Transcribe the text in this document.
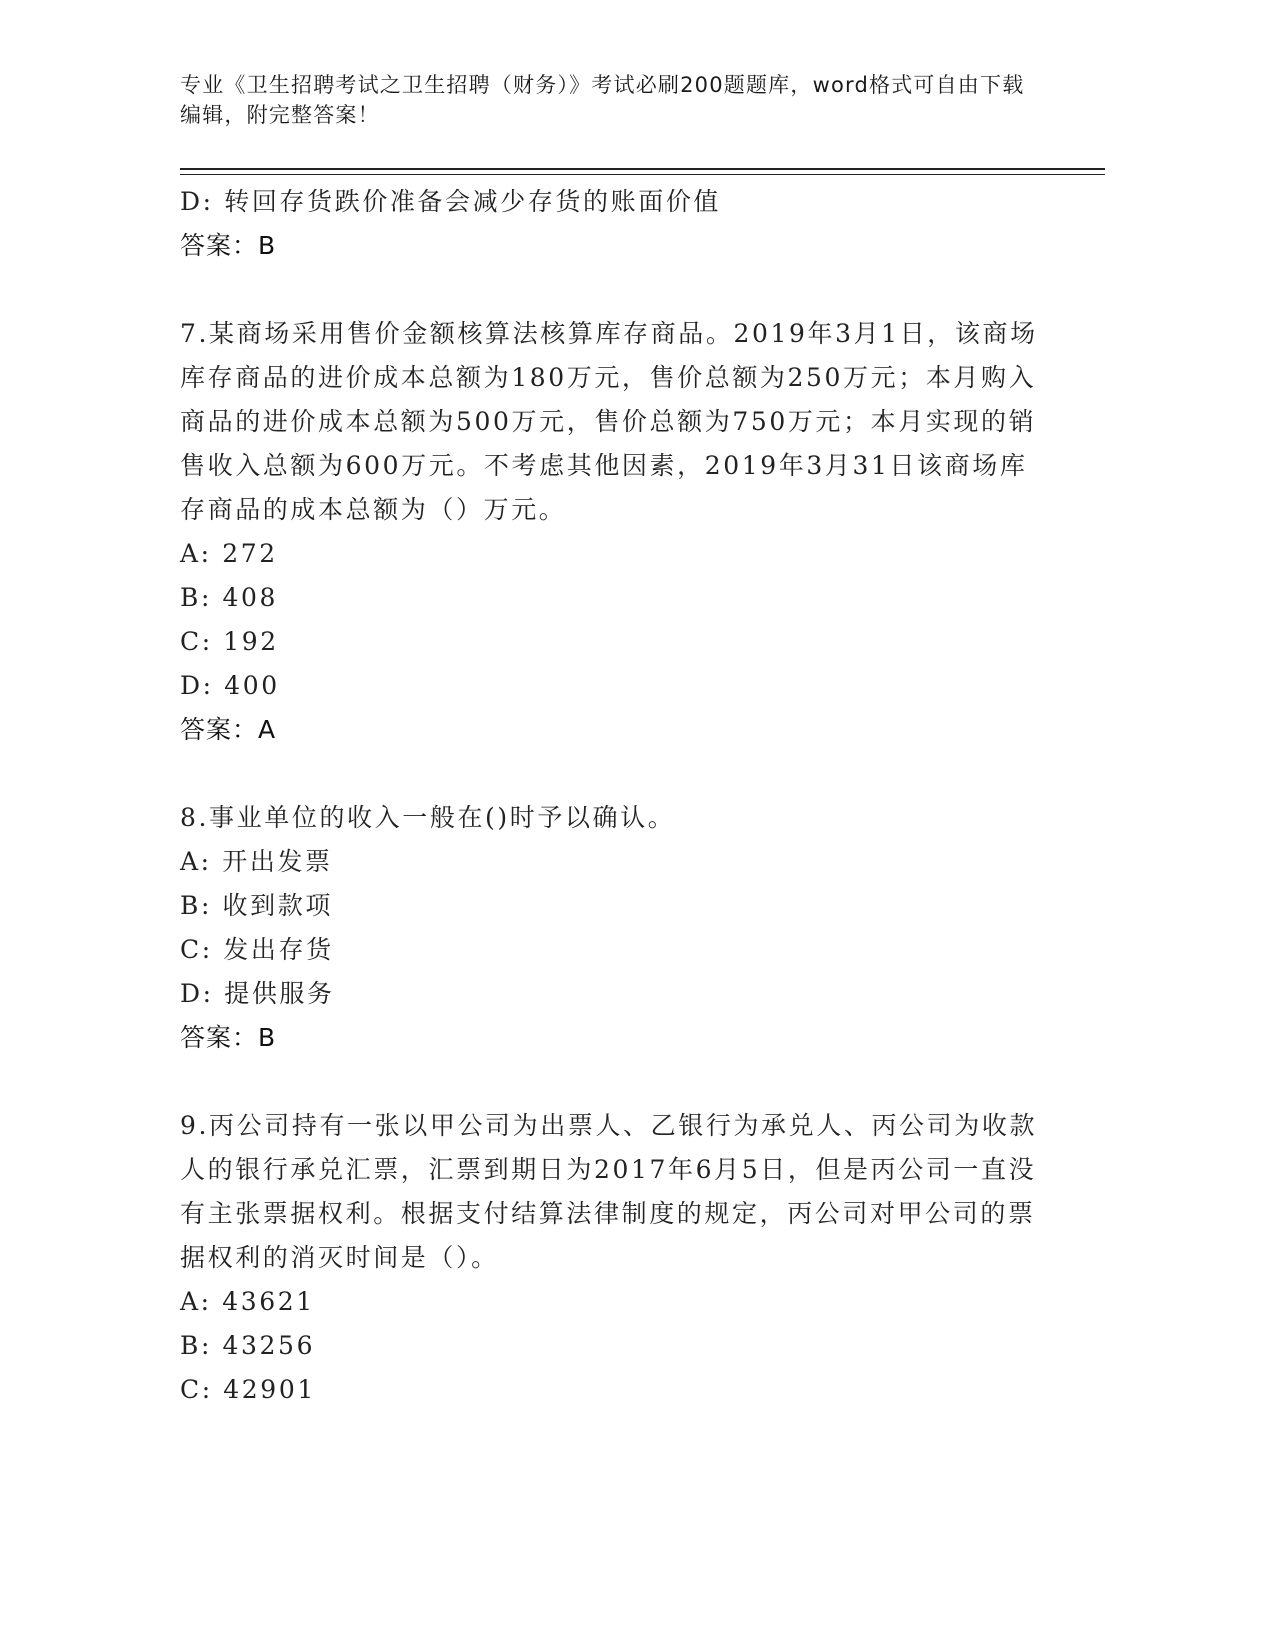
专业《卫生招聘考试之卫生招聘（财务）》考试必刷200题题库，word格式可自由下载编辑，附完整答案！
D: 转回存货跌价准备会减少存货的账面价值
答案：B
7.某商场采用售价金额核算法核算库存商品。2019年3月1日，该商场库存商品的进价成本总额为180万元，售价总额为250万元；本月购入商品的进价成本总额为500万元，售价总额为750万元；本月实现的销售收入总额为600万元。不考虑其他因素，2019年3月31日该商场库存商品的成本总额为（）万元。
A: 272
B: 408
C: 192
D: 400
答案：A
8.事业单位的收入一般在()时予以确认。
A: 开出发票
B: 收到款项
C: 发出存货
D: 提供服务
答案：B
9.丙公司持有一张以甲公司为出票人、乙银行为承兑人、丙公司为收款人的银行承兑汇票，汇票到期日为2017年6月5日，但是丙公司一直没有主张票据权利。根据支付结算法律制度的规定，丙公司对甲公司的票据权利的消灭时间是（）。
A: 43621
B: 43256
C: 42901
